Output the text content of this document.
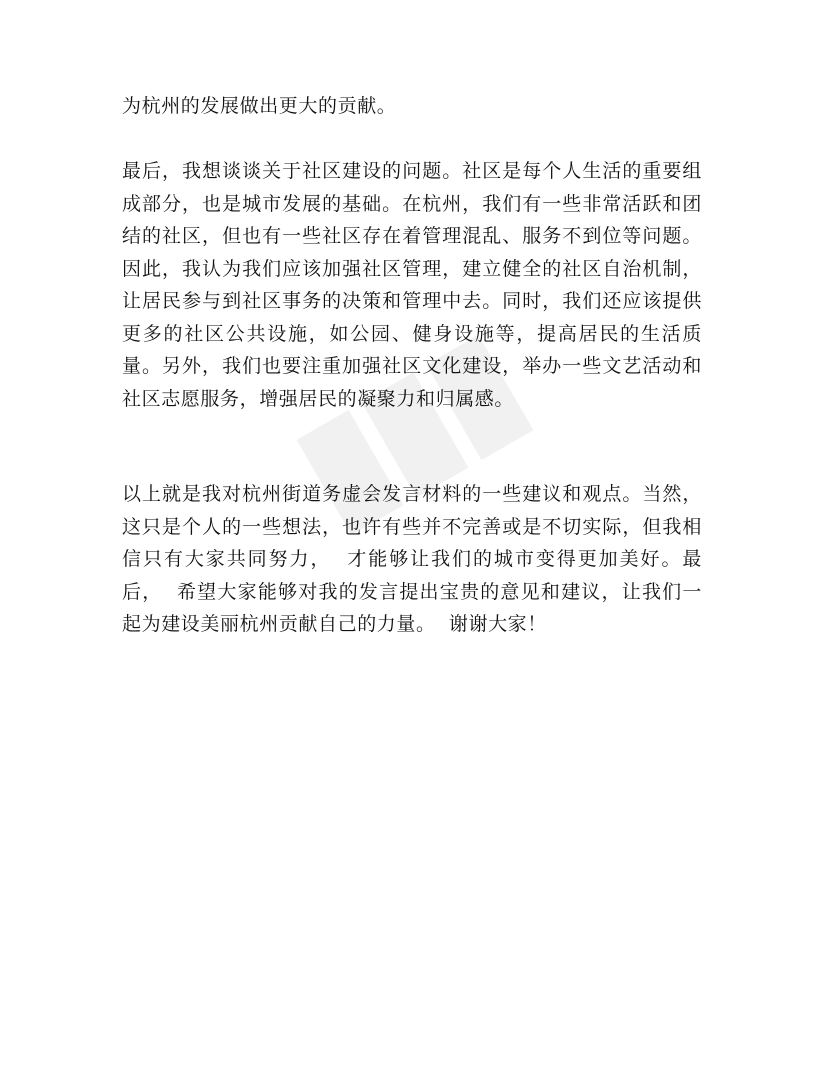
为杭州的发展做出更大的贡献。
最后，我想谈谈关于社区建设的问题。社区是每个人生活的重要组成部分，也是城市发展的基础。在杭州，我们有一些非常活跃和团结的社区，但也有一些社区存在着管理混乱、服务不到位等问题。因此，我认为我们应该加强社区管理，建立健全的社区自治机制，让居民参与到社区事务的决策和管理中去。同时，我们还应该提供更多的社区公共设施，如公园、健身设施等，提高居民的生活质量。另外，我们也要注重加强社区文化建设，举办一些文艺活动和社区志愿服务，增强居民的凝聚力和归属感。
以上就是我对杭州街道务虚会发言材料的一些建议和观点。当然，这只是个人的一些想法，也许有些并不完善或是不切实际，但我相信只有大家共同努力，  才能够让我们的城市变得更加美好。最后，  希望大家能够对我的发言提出宝贵的意见和建议，让我们一起为建设美丽杭州贡献自己的力量。  谢谢大家！
